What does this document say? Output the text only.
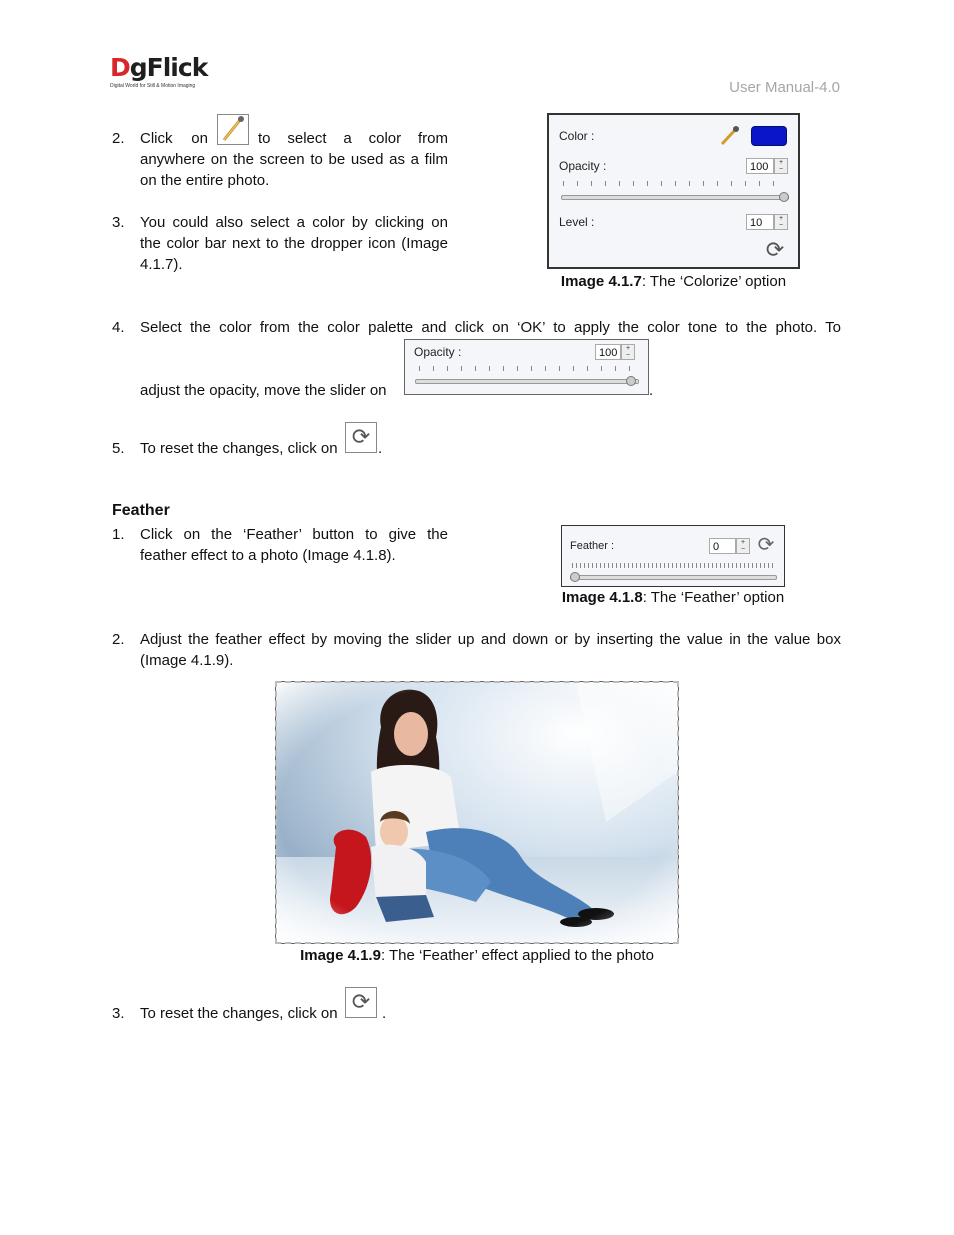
DgFlick
Digital World for Still & Motion Imaging	User Manual-4.0
2. Click on	to select a color from anywhere on the screen to be used as a film on the entire photo.
3. You could also select a color by clicking on the color bar next to the dropper icon (Image 4.1.7).
Color :
Opacity :	100	+
−
Level :	10	+
−
⟳
Image 4.1.7: The ‘Colorize’ option
4. Select the color from the color palette and click on ‘OK’ to apply the color tone to the photo. To
adjust the opacity, move the slider on
Opacity :	100	+
−
.
5. To reset the changes, click on ⟳ .
Feather
1. Click on the ‘Feather’ button to give the feather effect to a photo (Image 4.1.8).
Feather :	0	+
− ⟳
Image 4.1.8: The ‘Feather’ option
2. Adjust the feather effect by moving the slider up and down or by inserting the value in the value box
(Image 4.1.9).
Image 4.1.9: The ‘Feather’ effect applied to the photo
3. To reset the changes, click on ⟳ .
